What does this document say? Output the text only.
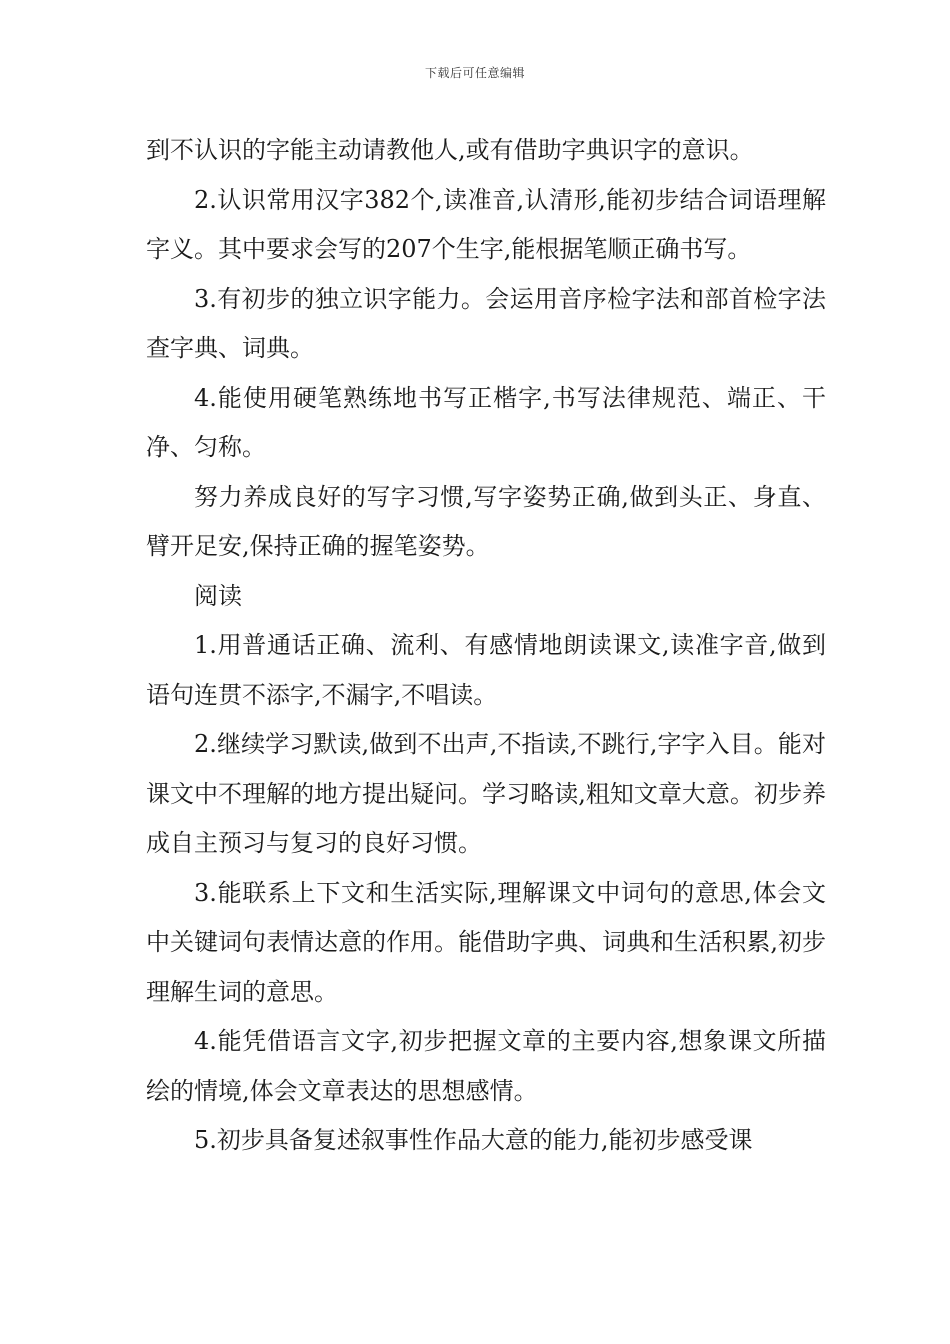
下载后可任意编辑

到不认识的字能主动请教他人,或有借助字典识字的意识。

2.认识常用汉字382个,读准音,认清形,能初步结合词语理解字义。其中要求会写的207个生字,能根据笔顺正确书写。

3.有初步的独立识字能力。会运用音序检字法和部首检字法查字典、词典。

4.能使用硬笔熟练地书写正楷字,书写法律规范、端正、干净、匀称。

努力养成良好的写字习惯,写字姿势正确,做到头正、身直、臂开足安,保持正确的握笔姿势。

阅读

1.用普通话正确、流利、有感情地朗读课文,读准字音,做到语句连贯不添字,不漏字,不唱读。

2.继续学习默读,做到不出声,不指读,不跳行,字字入目。能对课文中不理解的地方提出疑问。学习略读,粗知文章大意。初步养成自主预习与复习的良好习惯。

3.能联系上下文和生活实际,理解课文中词句的意思,体会文中关键词句表情达意的作用。能借助字典、词典和生活积累,初步理解生词的意思。

4.能凭借语言文字,初步把握文章的主要内容,想象课文所描绘的情境,体会文章表达的思想感情。

5.初步具备复述叙事性作品大意的能力,能初步感受课
